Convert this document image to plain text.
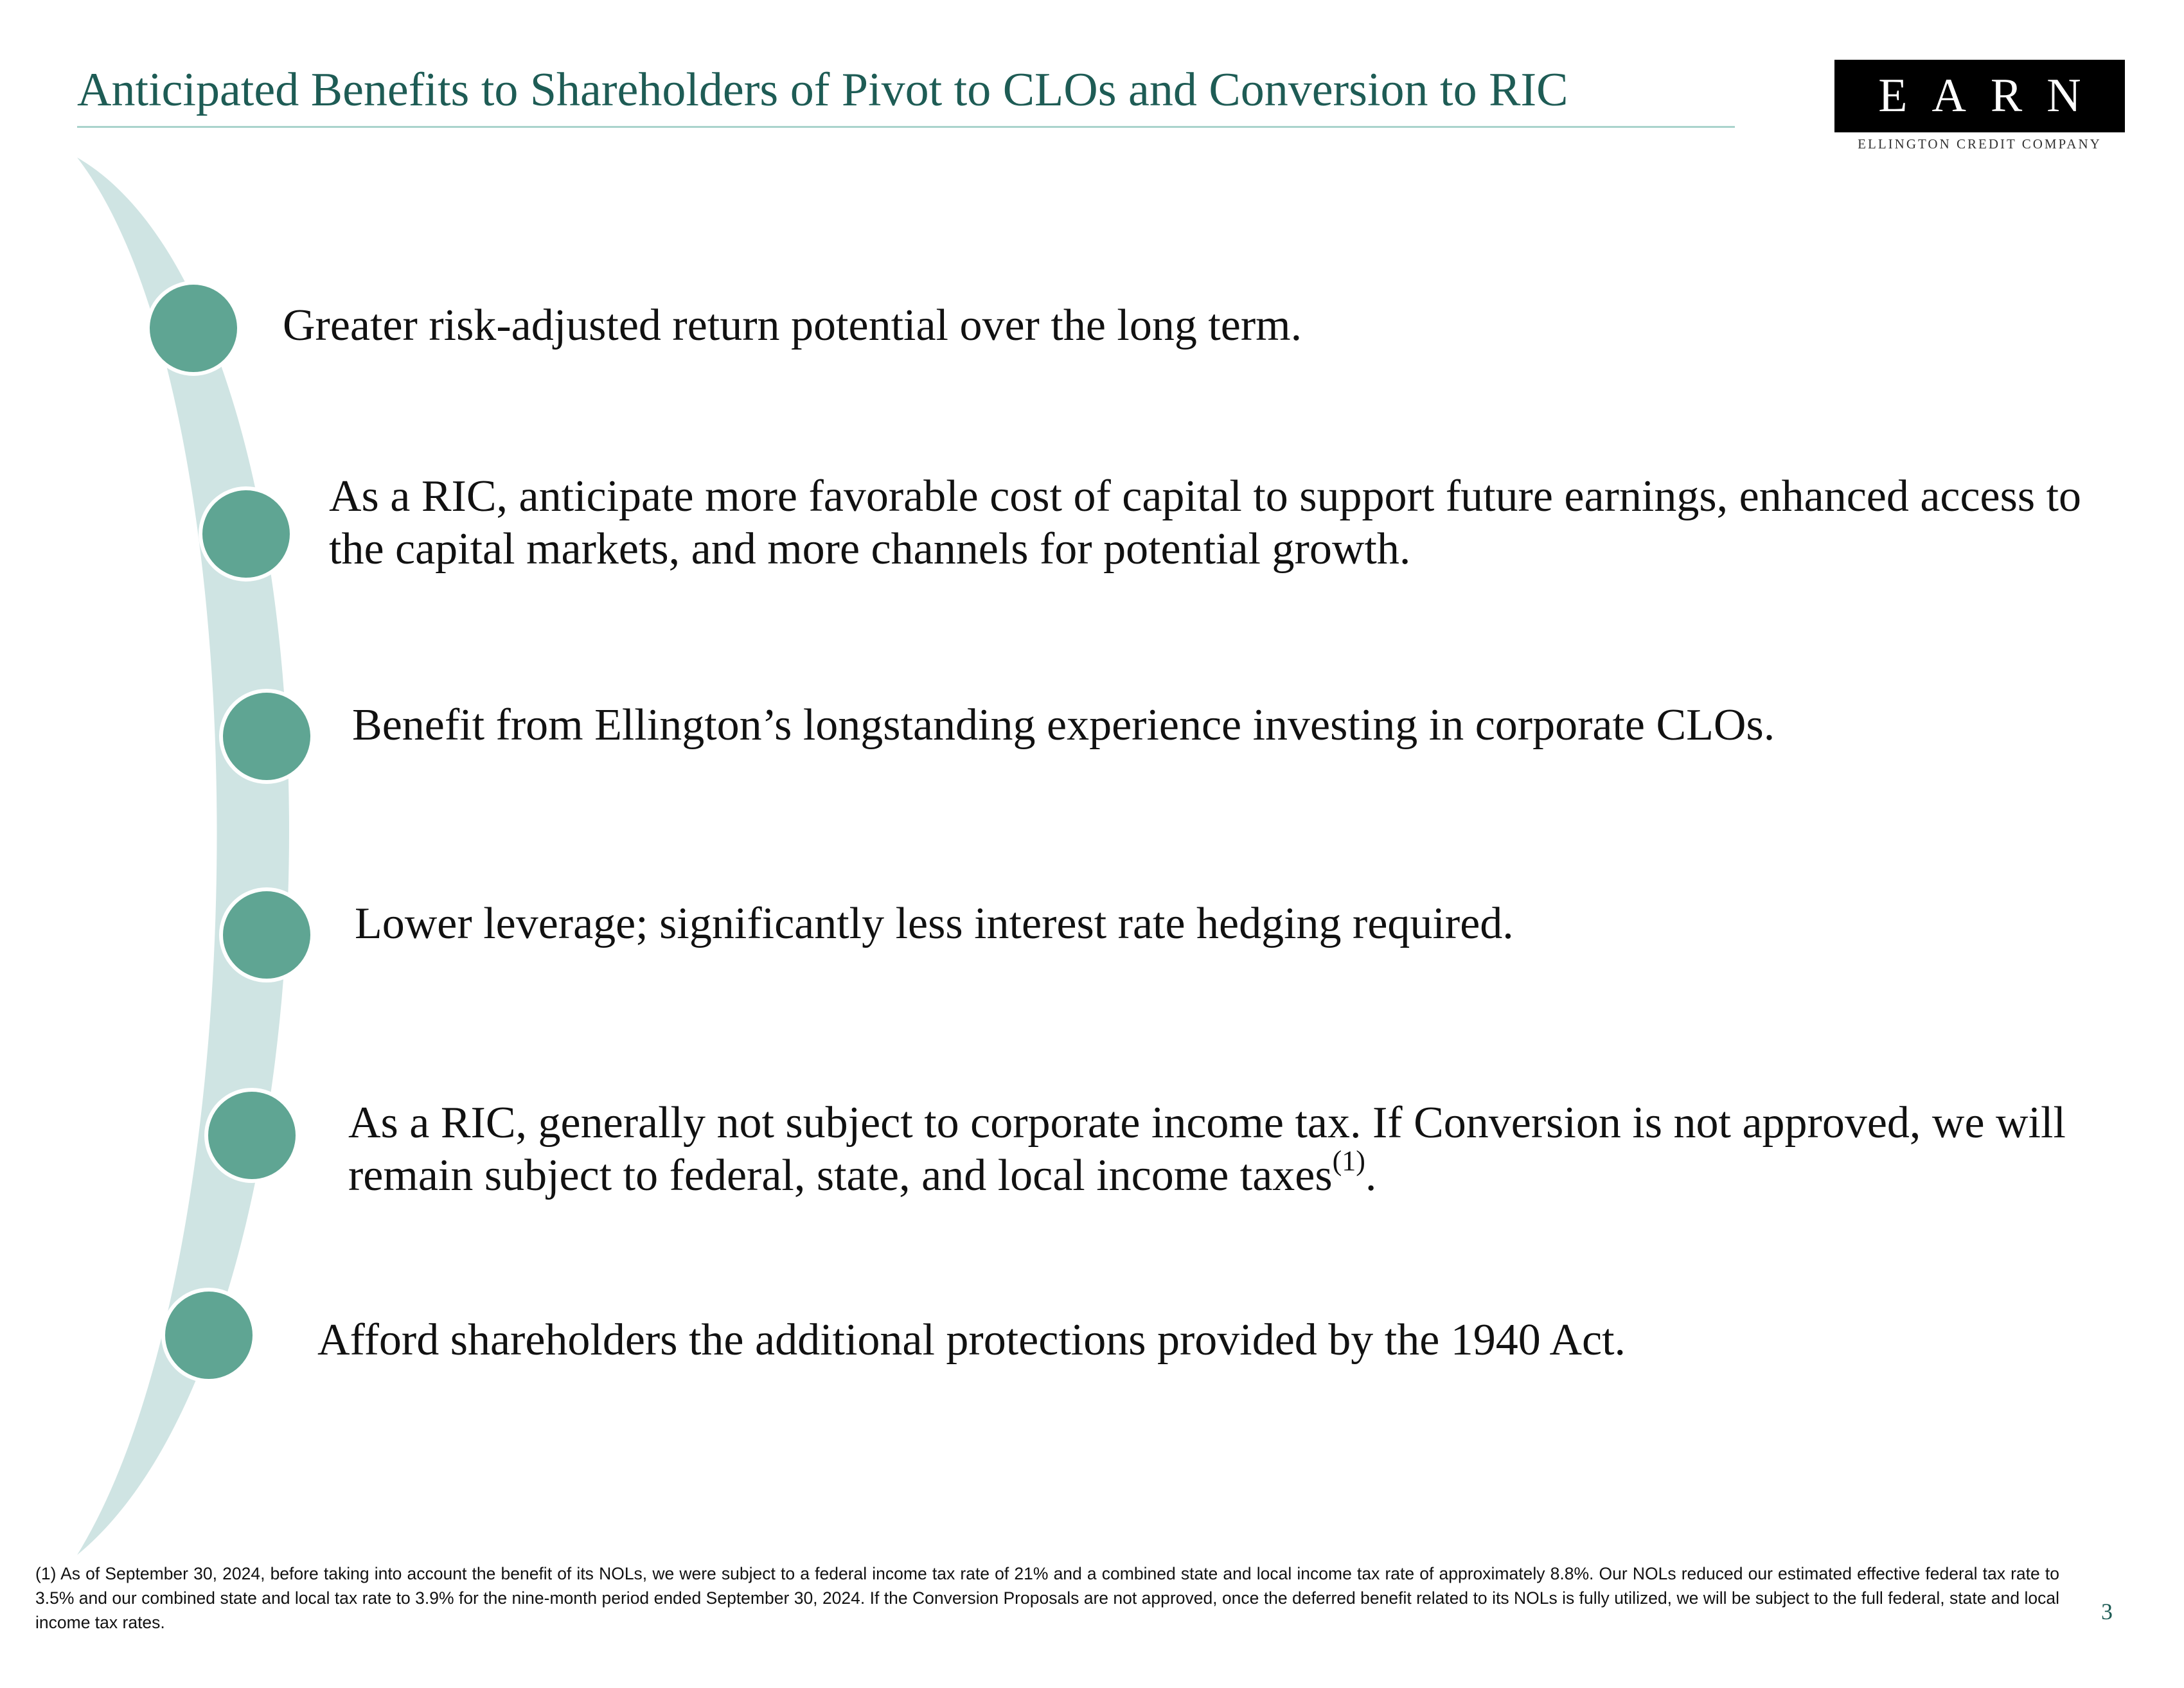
Anticipated Benefits to Shareholders of Pivot to CLOs and Conversion to RIC	EARN
ELLINGTON CREDIT COMPANY
Greater risk-adjusted return potential over the long term.
As a RIC, anticipate more favorable cost of capital to support future earnings, enhanced access to the capital markets, and more channels for potential growth.
Benefit from Ellington’s longstanding experience investing in corporate CLOs.
Lower leverage; significantly less interest rate hedging required.
As a RIC, generally not subject to corporate income tax. If Conversion is not approved, we will remain subject to federal, state, and local income taxes$^{(1)}$.
Afford shareholders the additional protections provided by the 1940 Act.
(1) As of September 30, 2024, before taking into account the benefit of its NOLs, we were subject to a federal income tax rate of 21% and a combined state and local income tax rate of approximately 8.8%. Our NOLs reduced our estimated effective federal tax rate to 3.5% and our combined state and local tax rate to 3.9% for the nine-month period ended September 30, 2024. If the Conversion Proposals are not approved, once the deferred benefit related to its NOLs is fully utilized, we will be subject to the full federal, state and local income tax rates.	3
